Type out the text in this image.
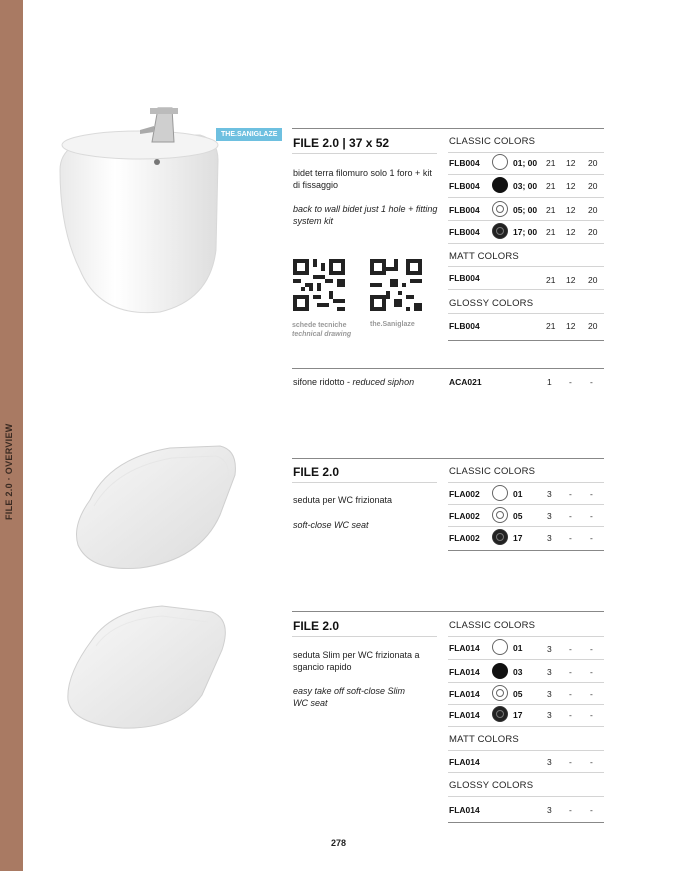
FILE 2.0 · OVERVIEW
THE.SANIGLAZE
FILE 2.0 | 37 x 52
bidet terra filomuro solo 1 foro + kit di fissaggio
back to wall bidet just 1 hole + fitting system kit
schede tecniche
technical drawing
the.Saniglaze
CLASSIC COLORS
FLB004	01; 00 21 12 20
FLB004	03; 00 21 12 20
FLB004	05; 00 21 12 20
FLB004	17; 00 21 12 20
MATT COLORS
FLB004	21 12 20
GLOSSY COLORS
FLB004	21 12 20
sifone ridotto - reduced siphon	ACA021	1 - -
FILE 2.0
seduta per WC frizionata
soft-close WC seat
CLASSIC COLORS
FLA002	01	3 - -
FLA002	05	3 - -
FLA002	17	3 - -
FILE 2.0
seduta Slim per WC frizionata a sgancio rapido
easy take off soft-close Slim WC seat
CLASSIC COLORS
FLA014	01	3 - -
FLA014	03	3 - -
FLA014	05	3 - -
FLA014	17	3 - -
MATT COLORS
FLA014	3 - -
GLOSSY COLORS
FLA014	3 - -
278
